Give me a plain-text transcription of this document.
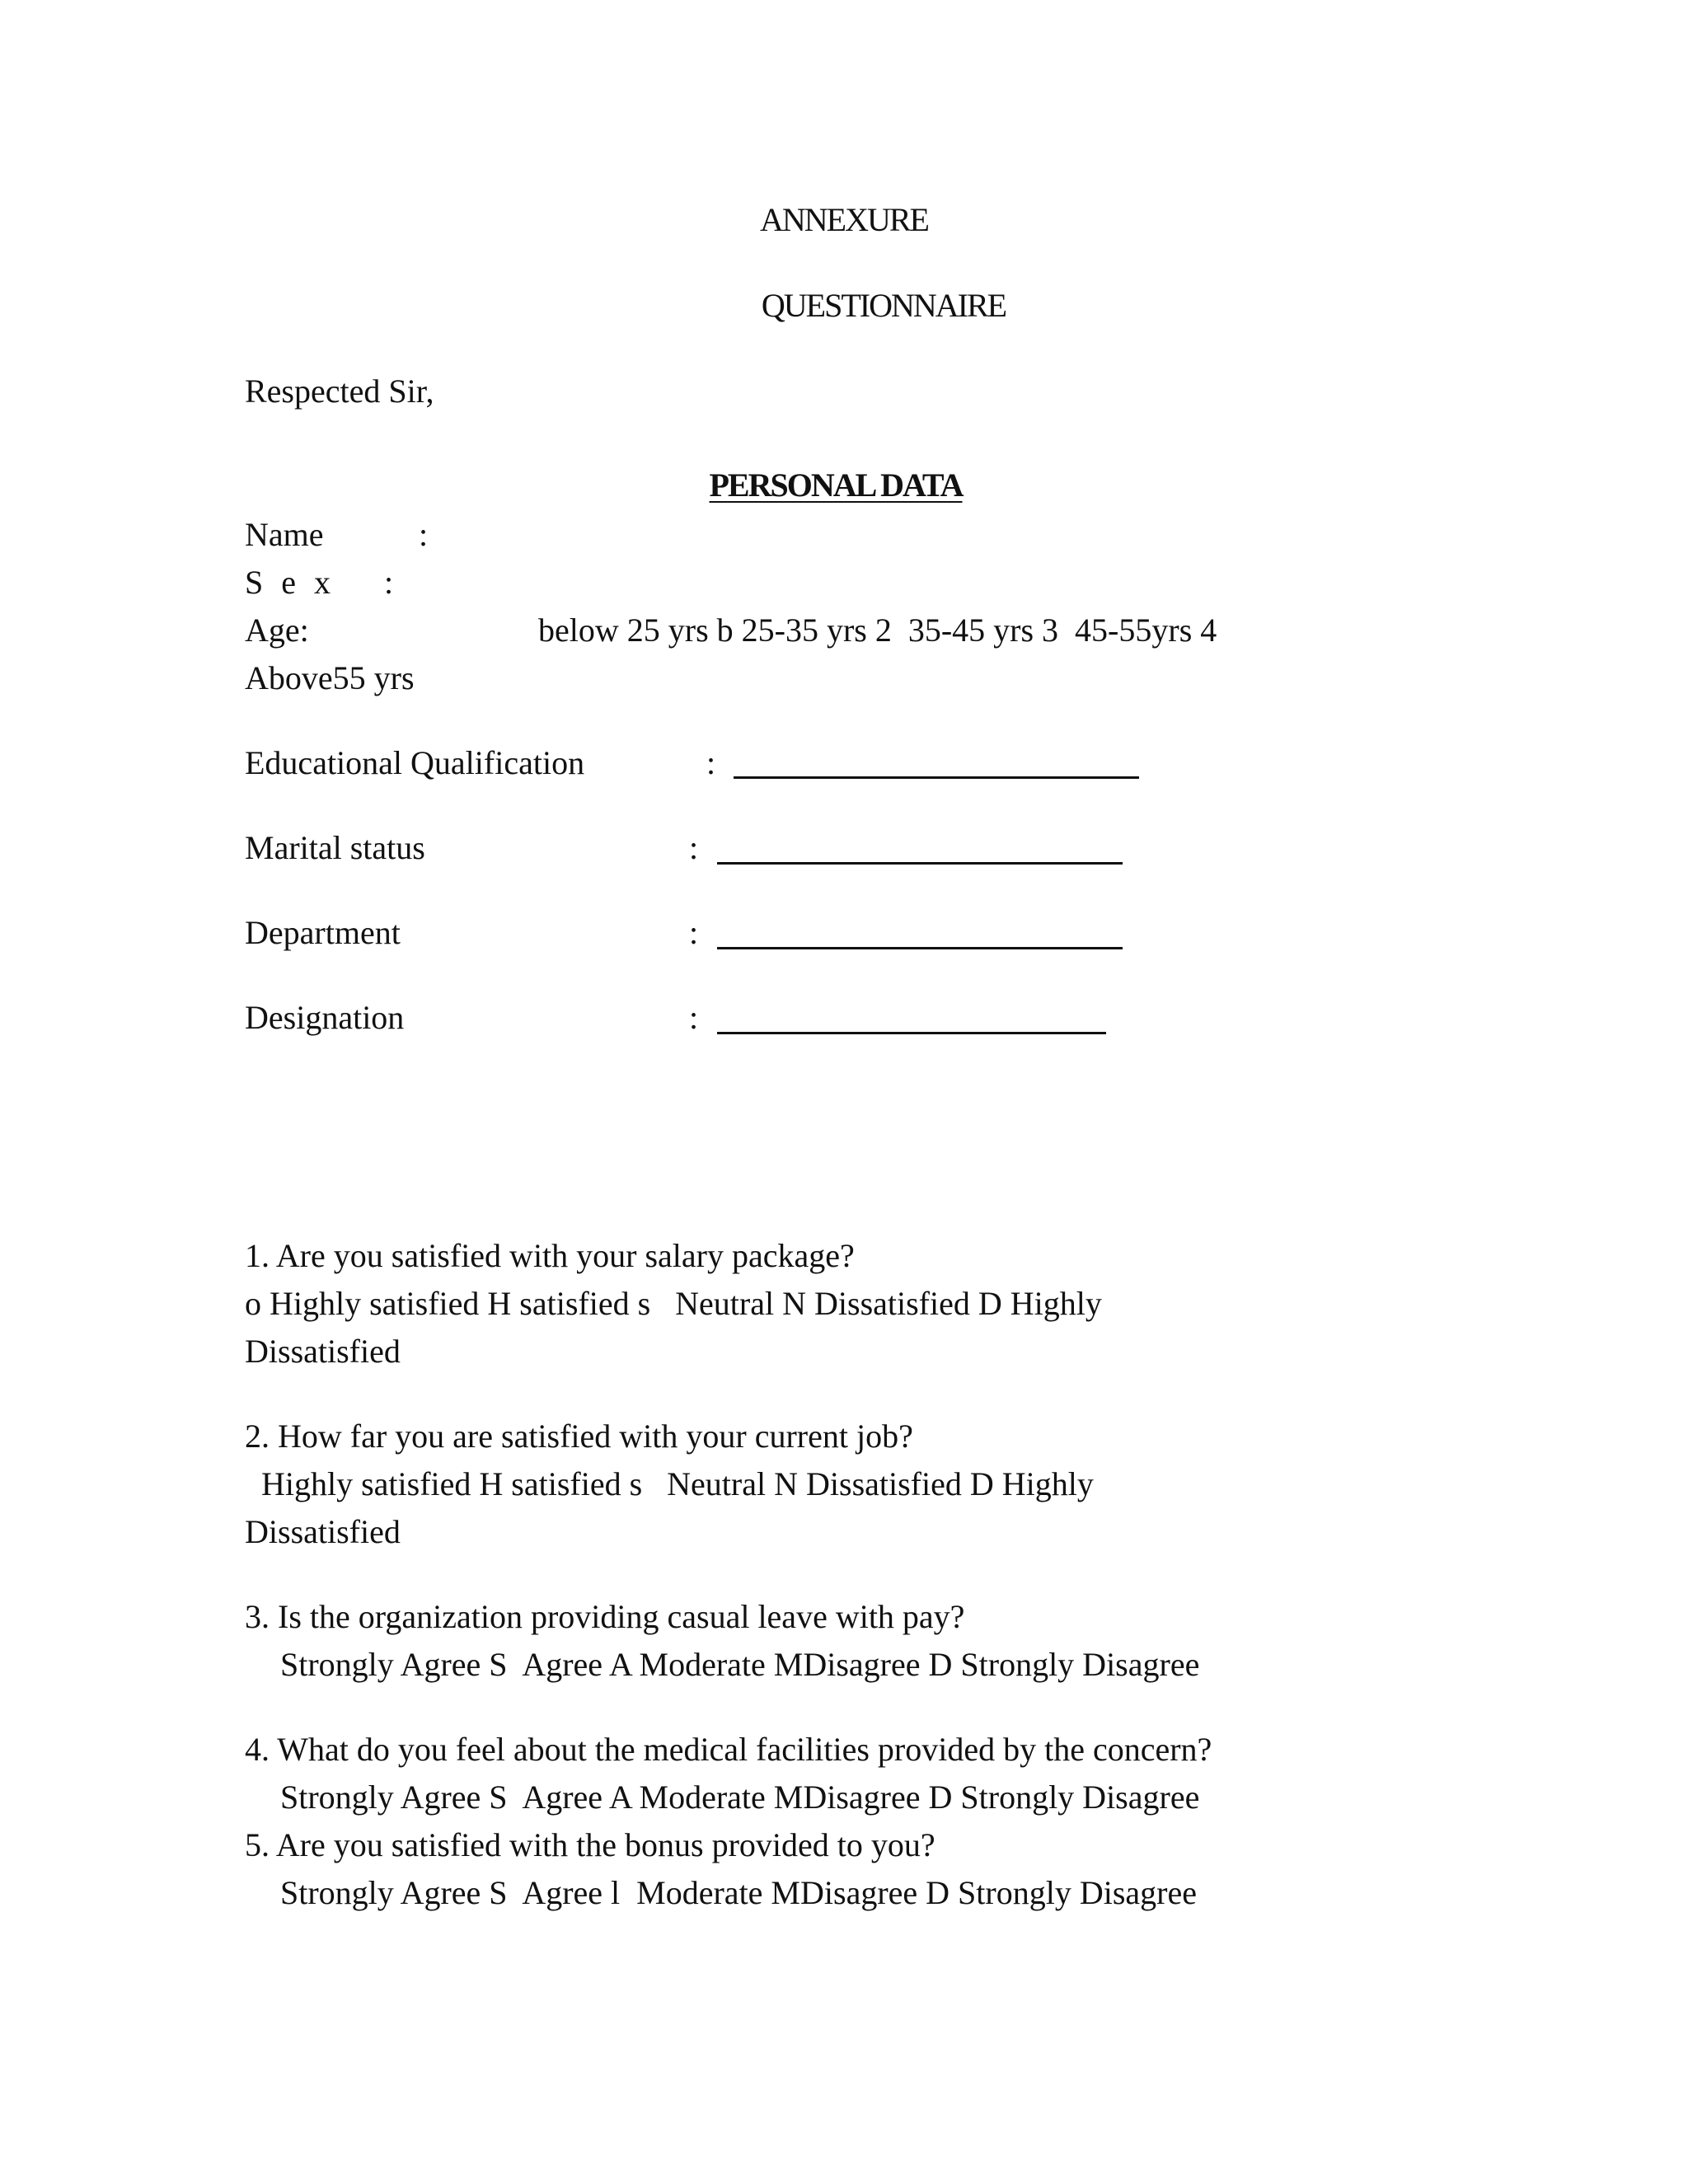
ANNEXURE
QUESTIONNAIRE
Respected Sir,
PERSONAL DATA
Name	:
S e x :
Age:	below 25 yrs b 25-35 yrs 2  35-45 yrs 3  45-55yrs 4
Above55 yrs
Educational Qualification	:
Marital status	:
Department	:
Designation	:
1. Are you satisfied with your salary package?
o Highly satisfied H satisfied s   Neutral N Dissatisfied D Highly
Dissatisfied
2. How far you are satisfied with your current job?
Highly satisfied H satisfied s   Neutral N Dissatisfied D Highly
Dissatisfied
3. Is the organization providing casual leave with pay?
Strongly Agree S  Agree A Moderate MDisagree D Strongly Disagree
4. What do you feel about the medical facilities provided by the concern?
Strongly Agree S  Agree A Moderate MDisagree D Strongly Disagree
5. Are you satisfied with the bonus provided to you?
Strongly Agree S  Agree l  Moderate MDisagree D Strongly Disagree
